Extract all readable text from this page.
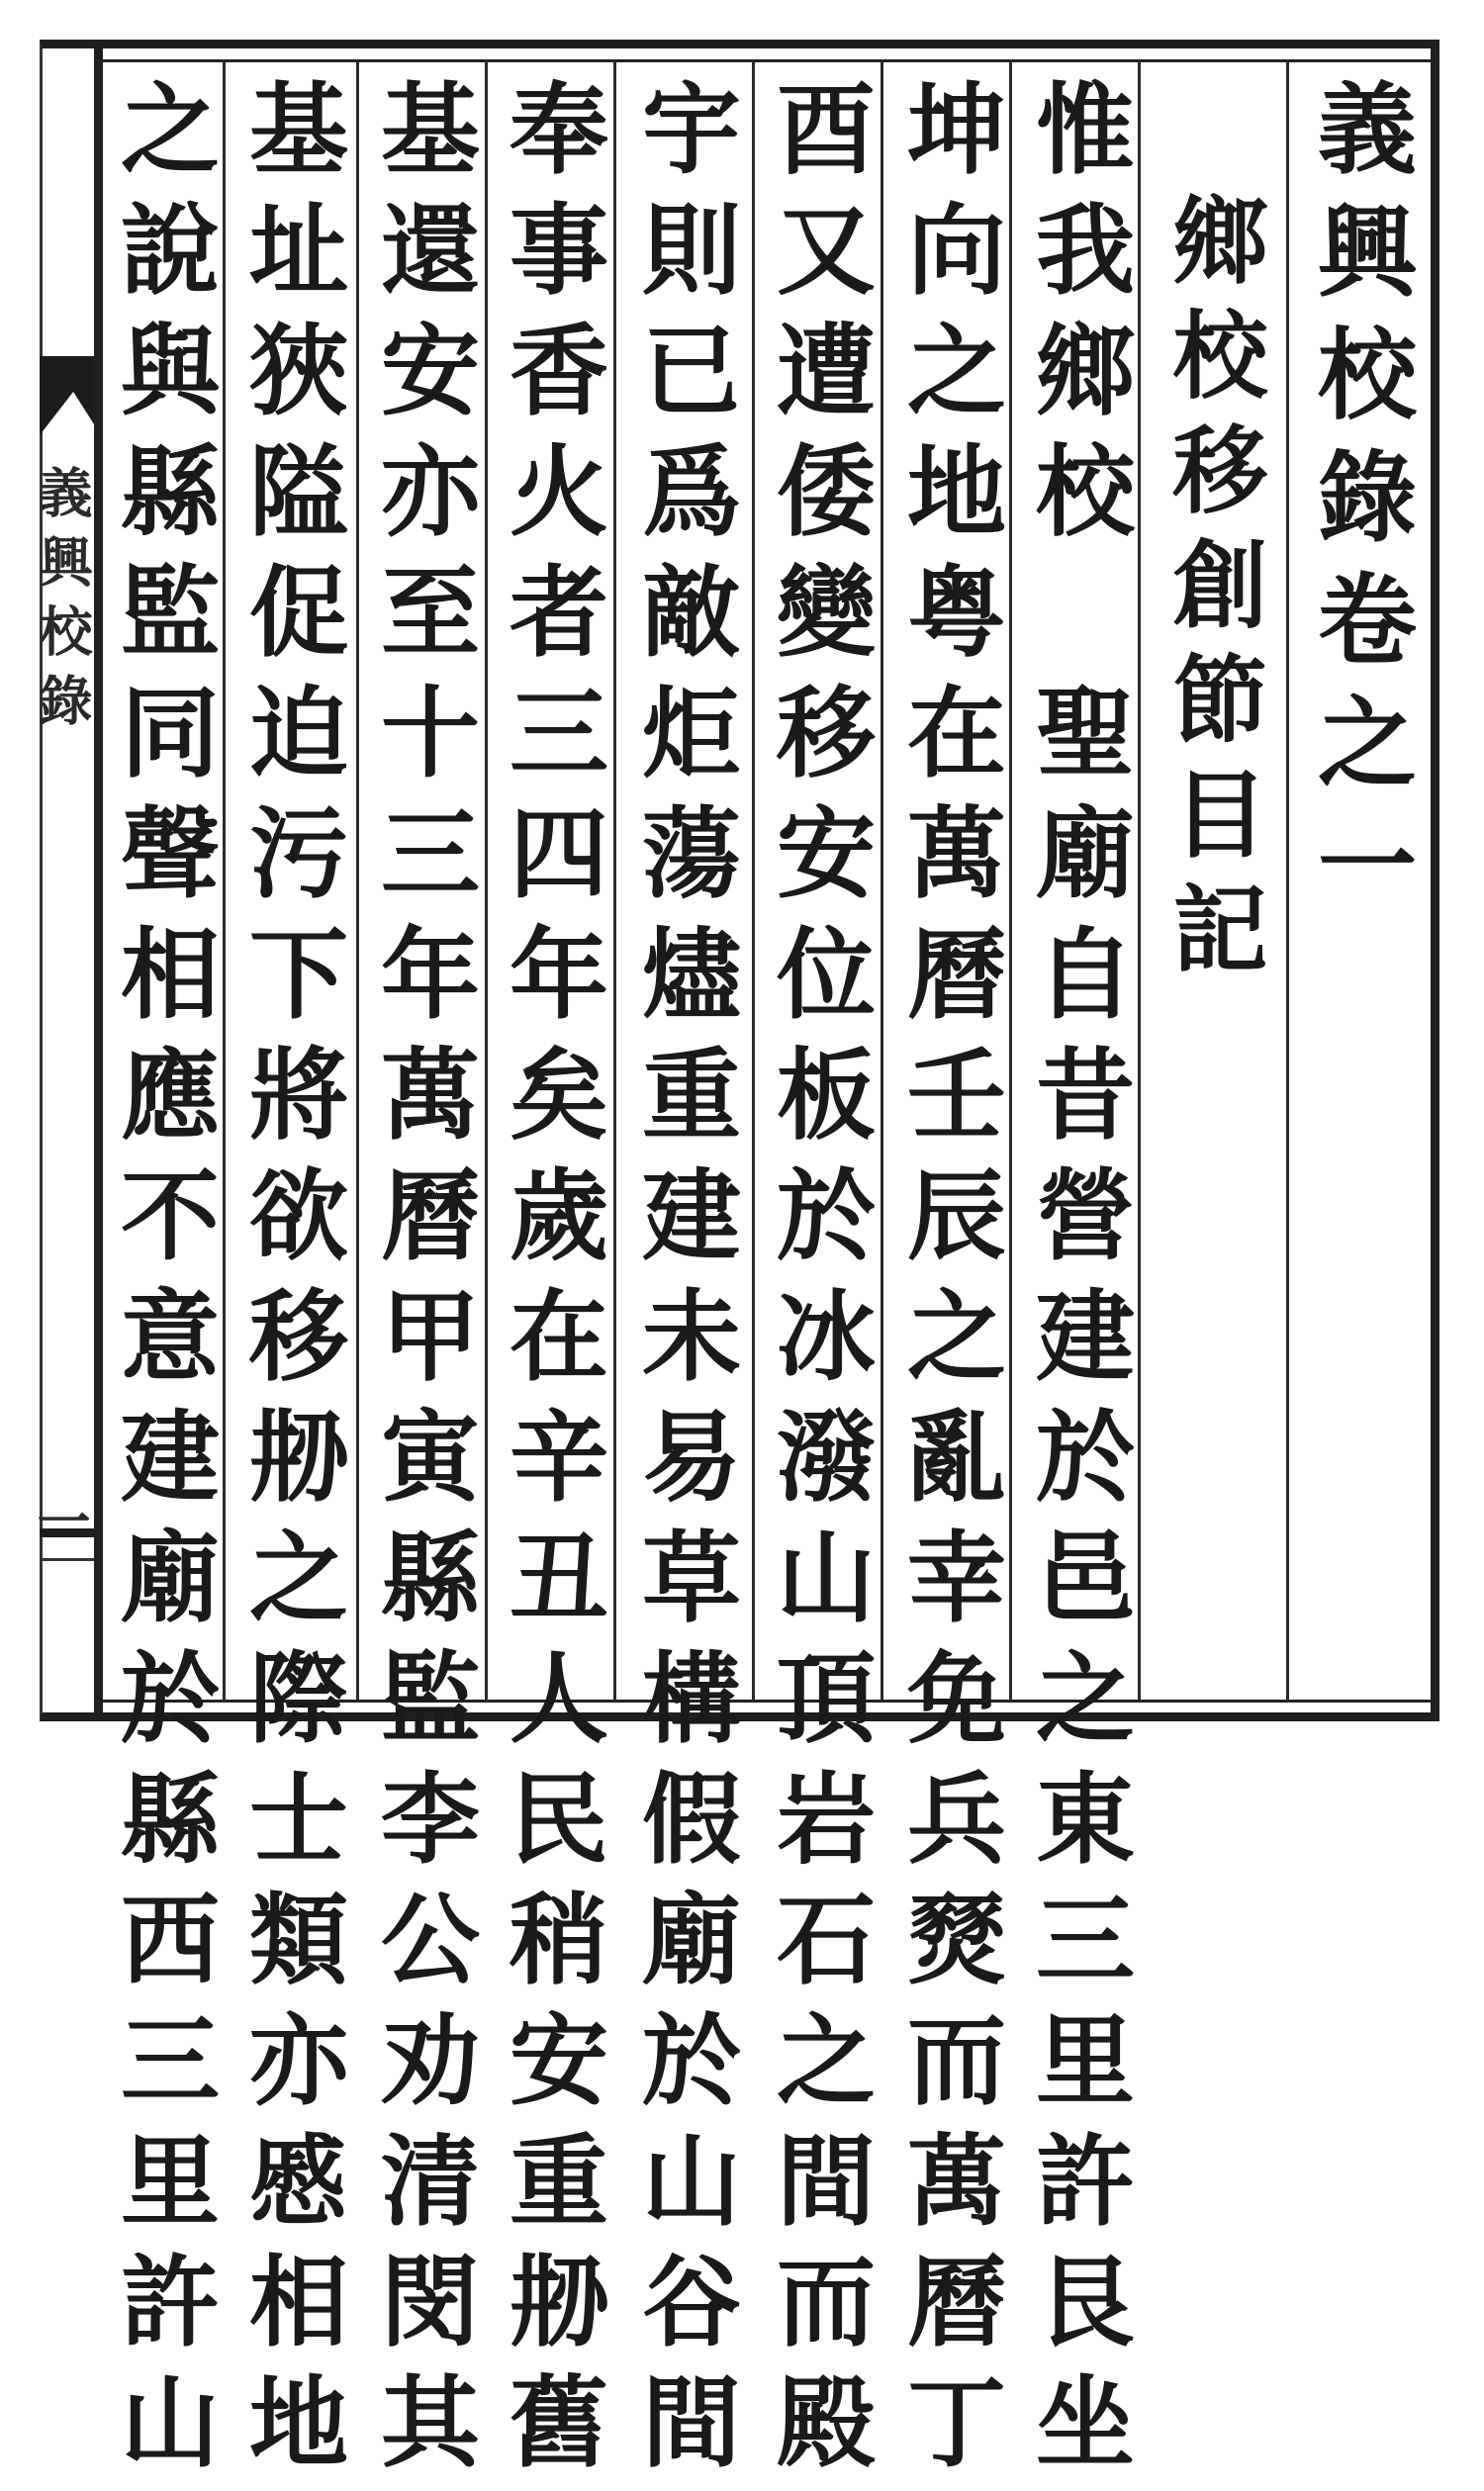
義興校錄
一
義興校錄卷之一
鄉校移創節目記
惟我鄉校　聖廟自昔營建於邑之東三里許艮坐
坤向之地粤在萬曆壬辰之亂幸免兵燹而萬曆丁
酉又遭倭變移安位板於冰潑山頂岩石之間而殿
宇則已爲敵炬蕩燼重建未易草構假廟於山谷間
奉事香火者三四年矣歲在辛丑人民稍安重刱舊
基還安亦至十三年萬曆甲寅縣監李公劝清閔其
基址狹隘促迫污下將欲移刱之際士類亦慼相地
之說與縣監同聲相應不意建廟於縣西三里許山
